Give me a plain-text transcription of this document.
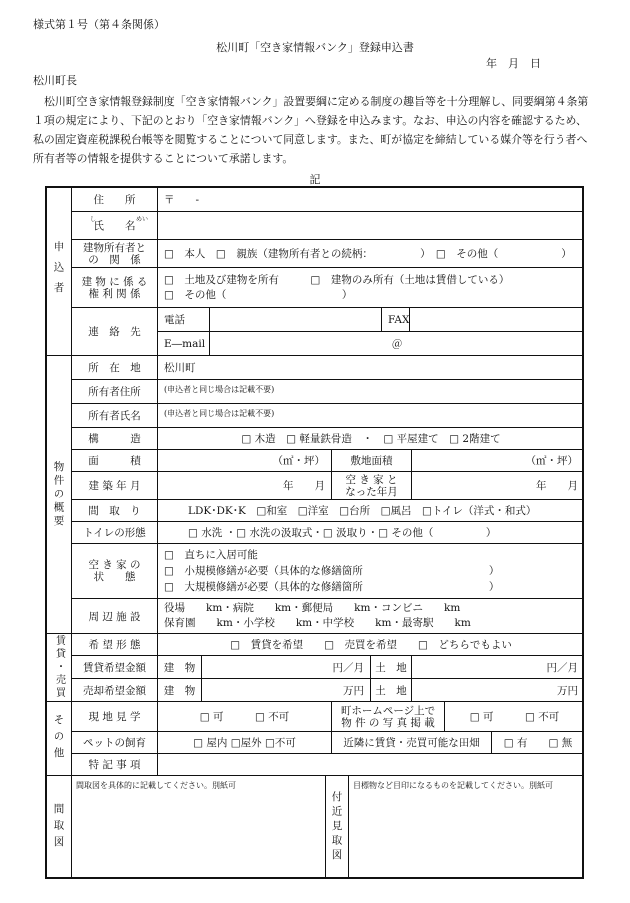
様式第１号（第４条関係）
松川町「空き家情報バンク」登録申込書
年　月　日
松川町長
松川町空き家情報登録制度「空き家情報バンク」設置要綱に定める制度の趣旨等を十分理解し、同要綱第４条第１項の規定により、下記のとおり「空き家情報バンク」へ登録を申込みます。なお、申込の内容を確認するため、私の固定資産税課税台帳等を閲覧することについて同意します。また、町が協定を締結している媒介等を行う者へ所有者等の情報を提供することについて承諾します。
記
申込者
住　　所	〒　　-
し	めい
氏　　名
建物所有者と
の　関　係	□　本人　□　親族（建物所有者との続柄：　　　　　）　□　その他（　　　　　　）
建 物 に 係 る
権 利 関 係
□　土地及び建物を所有　　　□　建物のみ所有（土地は賃借している）
□　その他（　　　　　　　　　　　）
連　絡　先
電話	FAX
E―mail	＠
物件の概要
所　在　地	松川町
所有者住所	(申込者と同じ場合は記載不要)
所有者氏名	(申込者と同じ場合は記載不要)
構　　　造	□ 木造　□ 軽量鉄骨造　・　□ 平屋建て　□ 2階建て
面　　　積	（㎡・坪）	敷地面積	（㎡・坪）
建 築 年 月	年　　月
空 き 家 と
なった年月	年　　月
間　取　り	LDK･DK･K　□和室　□洋室　□台所　□風呂　□トイレ（洋式・和式）
トイレの形態	□ 水洗 ・□ 水洗の汲取式・□ 汲取り・□ その他（　　　　　）
空 き 家 の
状　　態
□　直ちに入居可能
□　小規模修繕が必要（具体的な修繕箇所　　　　　　　　　　　　）
□　大規模修繕が必要（具体的な修繕箇所　　　　　　　　　　　　）
周 辺 施 設
役場　　km・病院　　km・郵便局　　km・コンビニ　　km
保育園　　km・小学校　　km・中学校　　km・最寄駅　　km
賃貸・売買	希 望 形 態	□　賃貸を希望　　□　売買を希望　　□　どちらでもよい
賃貸希望金額	建　物	円／月	土　地	円／月
売却希望金額	建　物	万円	土　地	万円
その他	現 地 見 学	□ 可　　　□ 不可
町ホームページ上で
物 件 の 写 真 掲 載	□ 可　　　□ 不可
ペットの飼育	□ 屋内 □屋外 □不可	近隣に賃貸・売買可能な田畑	□ 有　　□ 無
特 記 事 項
間取図
間取図を具体的に記載してください。別紙可
付近見取図
目標物など目印になるものを記載してください。別紙可
